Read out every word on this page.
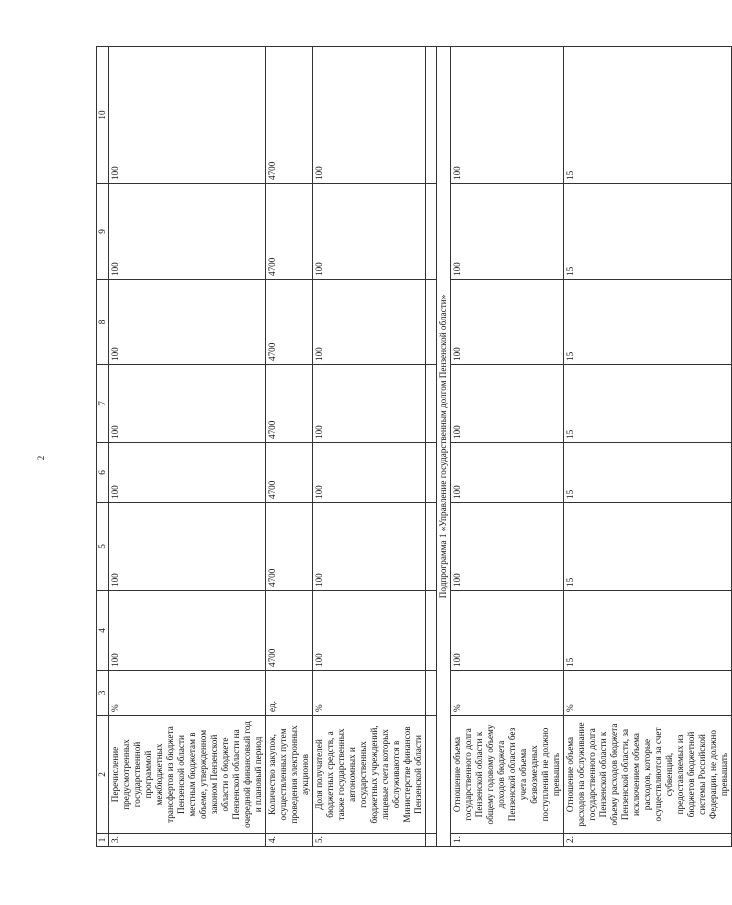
2
1	2	3	4	5	6	7	8	9	10
3.	Перечисление предусмотренных государственной программой межбюджетных трансфертов из бюджета Пензенской области местным бюджетам в объеме, утвержденном законом Пензенской области о бюджете Пензенской области на очередной финансовый год и плановый период	%	100	100	100	100	100	100	100
4.	Количество закупок, осуществленных путем проведения электронных аукционов	ед.	4700	4700	4700	4700	4700	4700	4700
5.	Доля получателей бюджетных средств, а также государственных автономных и государственных бюджетных учреждений, лицевые счета которых обслуживаются в Министерстве финансов Пензенской области	%	100	100	100	100	100	100	100

Подпрограмма 1 «Управление государственным долгом Пензенской области»									
1.	Отношение объема государственного долга Пензенской области к общему годовому объему доходов бюджета Пензенской области без учета объема безвозмездных поступлений не должно превышать	%	100	100	100	100	100	100	100
2.	Отношение объема расходов на обслуживание государственного долга Пензенской области к объему расходов бюджета Пензенской области, за исключением объема расходов, которые осуществляются за счет субвенций, предоставляемых из бюджетов бюджетной системы Российской Федерации, не должно превышать	%	15	15	15	15	15	15	15
